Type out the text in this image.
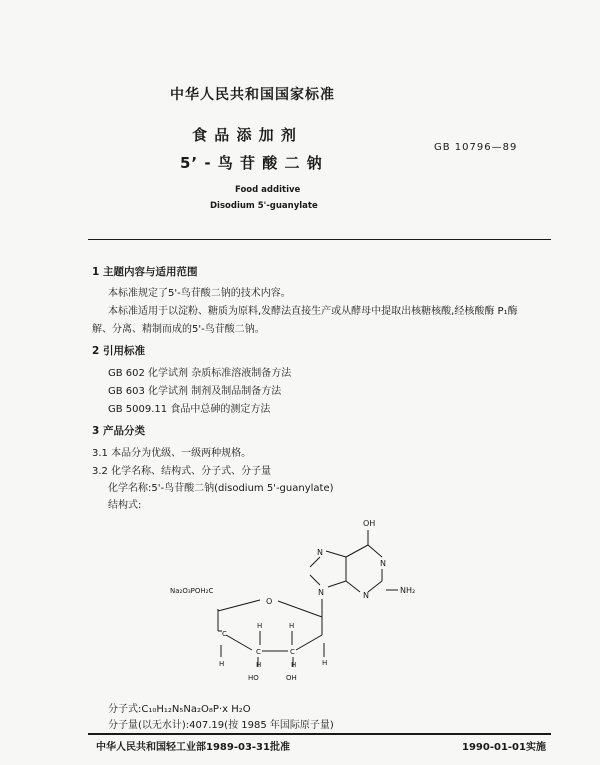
中华人民共和国国家标准
食 品 添 加 剂
5’ - 鸟 苷 酸 二 钠
GB 10796—89
Food additive
Disodium 5'-guanylate
1 主题内容与适用范围
本标准规定了5'-鸟苷酸二钠的技术内容。
本标准适用于以淀粉、糖质为原料,发酵法直接生产或从酵母中提取出核糖核酸,经核酸酶 P₁酶
解、分离、精制而成的5'-鸟苷酸二钠。
2 引用标准
GB 602 化学试剂 杂质标准溶液制备方法
GB 603 化学试剂 制剂及制品制备方法
GB 5009.11 食品中总砷的测定方法
3 产品分类
3.1 本品分为优级、一级两种规格。
3.2 化学名称、结构式、分子式、分子量
化学名称:5'-鸟苷酸二钠(disodium 5'-guanylate)
结构式:
OH
N
N
NH₂
N
N
O
Na₂O₃POH₂C
C
C	C
H
H	H
H
H	H
HO	OH
分子式:C₁₀H₁₂N₅Na₂O₈P·x H₂O
分子量(以无水计):407.19(按 1985 年国际原子量)
中华人民共和国轻工业部1989-03-31批准	1990-01-01实施
